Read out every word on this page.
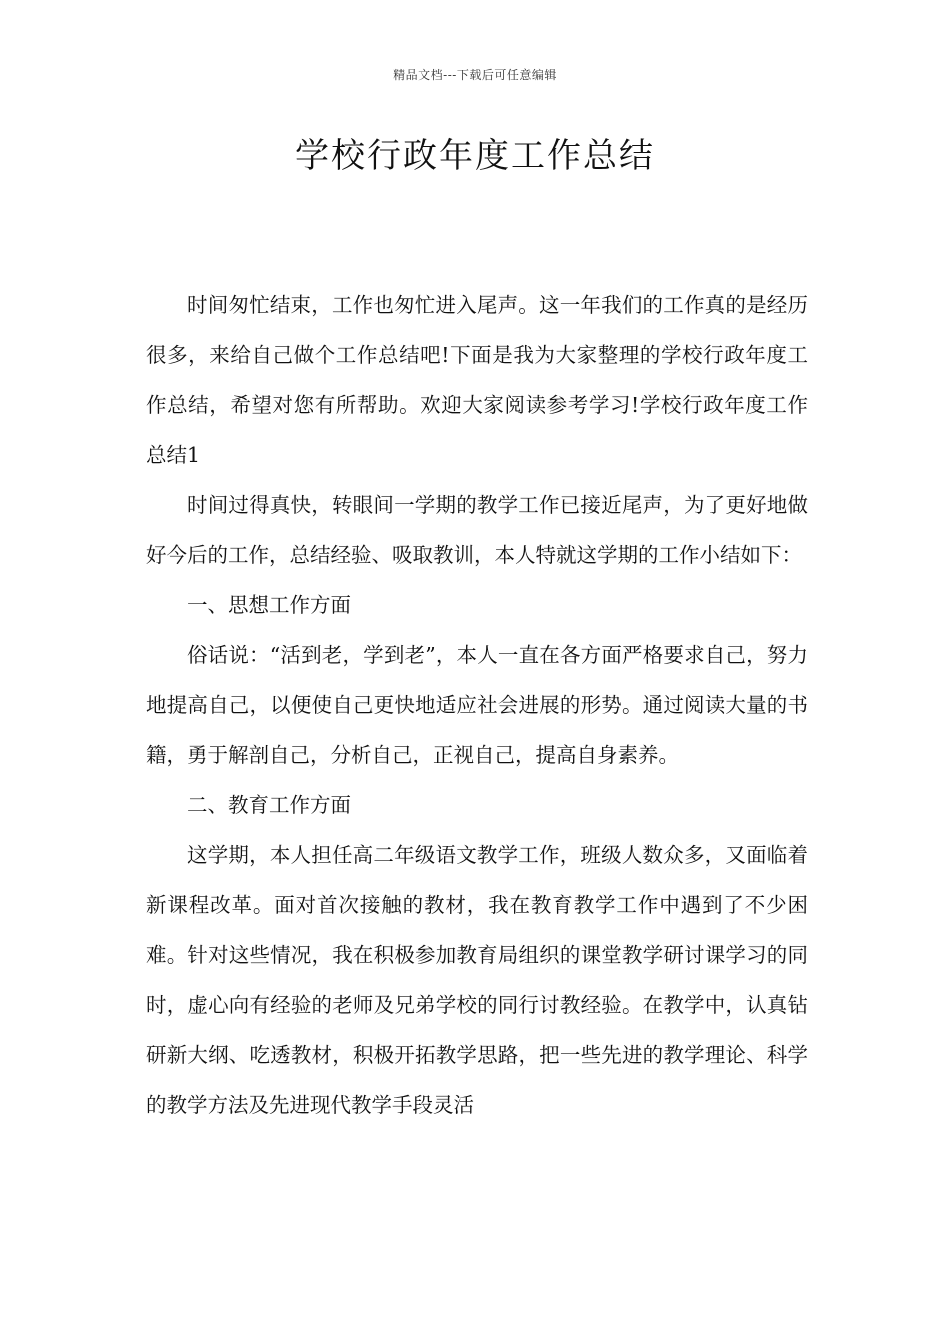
精品文档---下载后可任意编辑
学校行政年度工作总结

时间匆忙结束，工作也匆忙进入尾声。这一年我们的工作真的是经历很多，来给自己做个工作总结吧!下面是我为大家整理的学校行政年度工作总结，希望对您有所帮助。欢迎大家阅读参考学习!学校行政年度工作总结1

时间过得真快，转眼间一学期的教学工作已接近尾声，为了更好地做好今后的工作，总结经验、吸取教训，本人特就这学期的工作小结如下：

一、思想工作方面

俗话说：“活到老，学到老”，本人一直在各方面严格要求自己，努力地提高自己，以便使自己更快地适应社会进展的形势。通过阅读大量的书籍，勇于解剖自己，分析自己，正视自己，提高自身素养。

二、教育工作方面

这学期，本人担任高二年级语文教学工作，班级人数众多，又面临着新课程改革。面对首次接触的教材，我在教育教学工作中遇到了不少困难。针对这些情况，我在积极参加教育局组织的课堂教学研讨课学习的同时，虚心向有经验的老师及兄弟学校的同行讨教经验。在教学中，认真钻研新大纲、吃透教材，积极开拓教学思路，把一些先进的教学理论、科学的教学方法及先进现代教学手段灵活
